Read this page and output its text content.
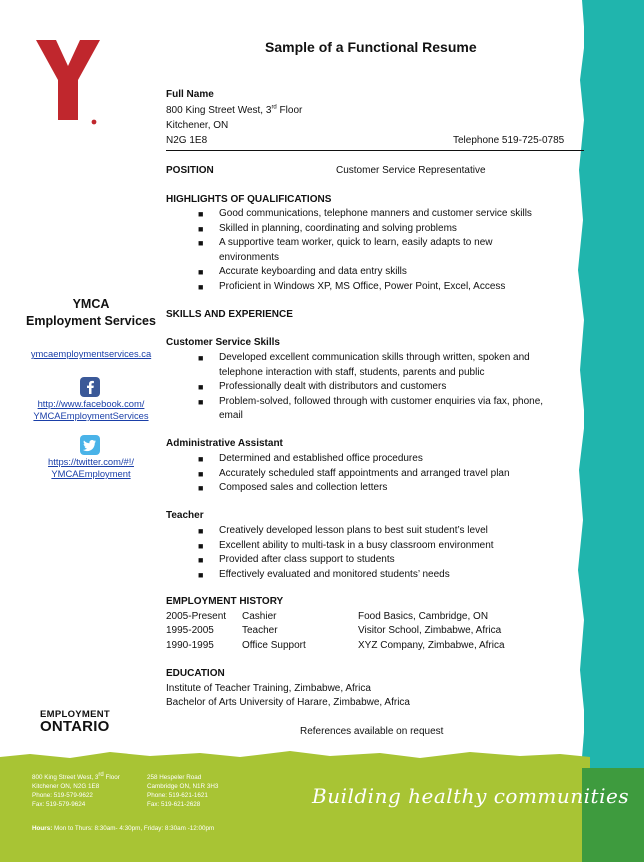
Sample of a Functional Resume
Full Name
800 King Street West, 3rd Floor
Kitchener, ON
N2G 1E8	Telephone 519-725-0785
POSITION	Customer Service Representative
HIGHLIGHTS OF QUALIFICATIONS
■ Good communications, telephone manners and customer service skills
■ Skilled in planning, coordinating and solving problems
■ A supportive team worker, quick to learn, easily adapts to new environments
■ Accurate keyboarding and data entry skills
■ Proficient in Windows XP, MS Office, Power Point, Excel, Access
SKILLS AND EXPERIENCE
Customer Service Skills
■ Developed excellent communication skills through written, spoken and telephone interaction with staff, students, parents and public
■ Professionally dealt with distributors and customers
■ Problem-solved, followed through with customer enquiries via fax, phone, email
Administrative Assistant
■ Determined and established office procedures
■ Accurately scheduled staff appointments and arranged travel plan
■ Composed sales and collection letters
Teacher
■ Creatively developed lesson plans to best suit student’s level
■ Excellent ability to multi-task in a busy classroom environment
■ Provided after class support to students
■ Effectively evaluated and monitored students’ needs
EMPLOYMENT HISTORY
2005-Present Cashier	Food Basics, Cambridge, ON
1995-2005	Teacher	Visitor School, Zimbabwe, Africa
1990-1995	Office Support	XYZ Company, Zimbabwe, Africa
EDUCATION
Institute of Teacher Training, Zimbabwe, Africa
Bachelor of Arts University of Harare, Zimbabwe, Africa
References available on request
YMCA
Employment Services
ymcaemploymentservices.ca
http://www.facebook.com/
YMCAEmploymentServices
https://twitter.com/#!/
YMCAEmployment
EMPLOYMENT
ONTARIO
800 King Street West, 3rd Floor
Kitchener ON, N2G 1E8
Phone: 519-579-9622
Fax: 519-579-9624
258 Hespeler Road
Cambridge ON, N1R 3H3
Phone: 519-621-1621
Fax: 519-621-2628	Building healthy communities
Hours: Mon to Thurs: 8:30am- 4:30pm, Friday: 8:30am -12:00pm
